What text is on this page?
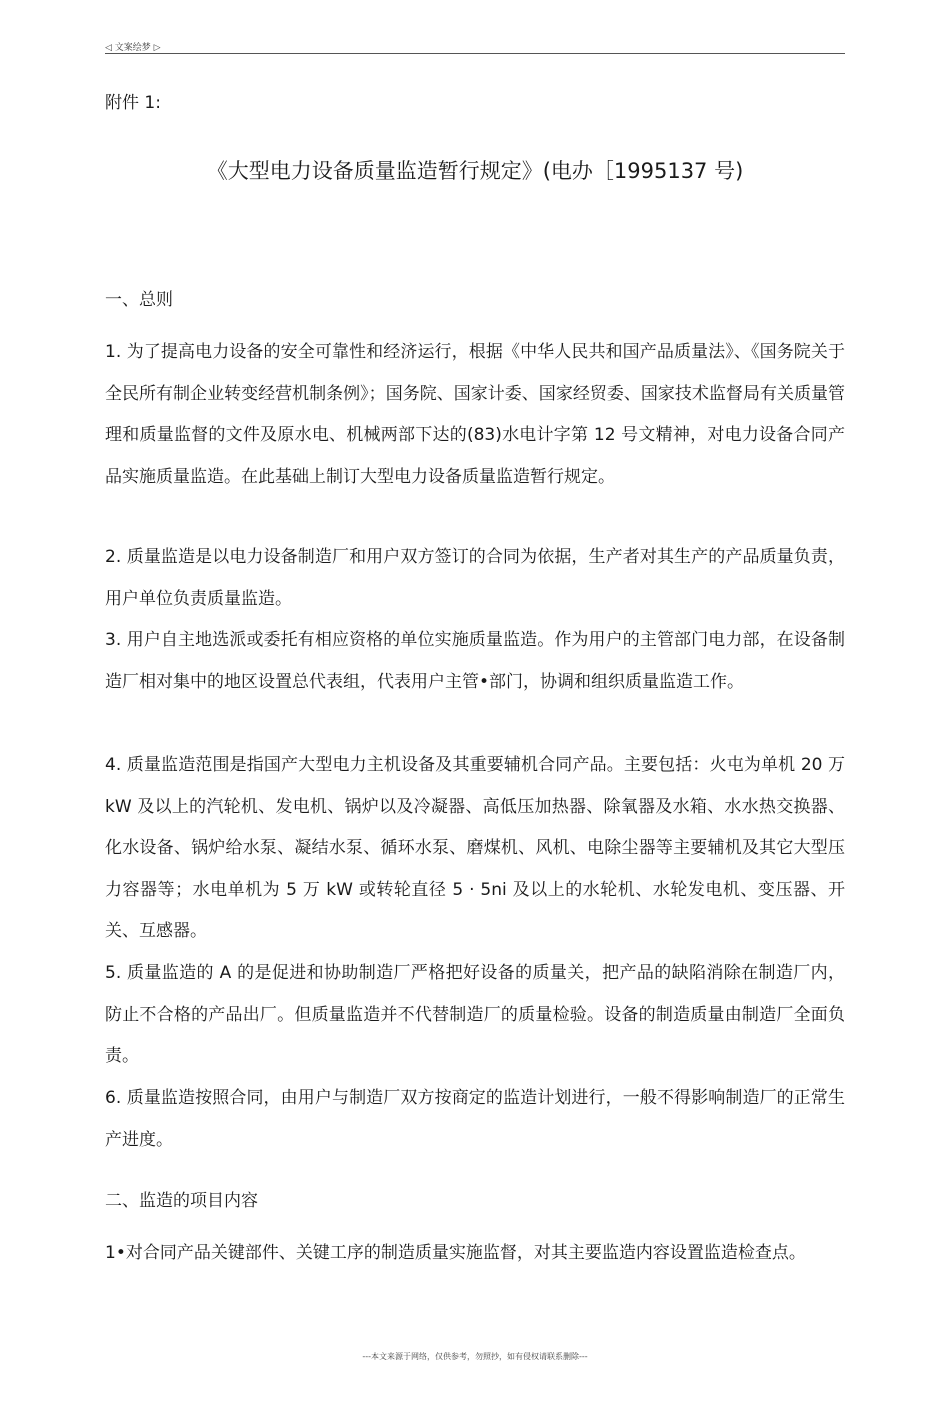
◁ 文案绘梦 ▷
附件 1:
《大型电力设备质量监造暂行规定》(电办［1995137 号)
一、总则
1. 为了提高电力设备的安全可靠性和经济运行，根据《中华人民共和国产品质量法》、《国务院关于全民所有制企业转变经营机制条例》；国务院、国家计委、国家经贸委、国家技术监督局有关质量管理和质量监督的文件及原水电、机械两部下达的(83)水电计字第 12 号文精神，对电力设备合同产品实施质量监造。在此基础上制订大型电力设备质量监造暂行规定。
2. 质量监造是以电力设备制造厂和用户双方签订的合同为依据，生产者对其生产的产品质量负责，用户单位负责质量监造。
3. 用户自主地选派或委托有相应资格的单位实施质量监造。作为用户的主管部门电力部，在设备制造厂相对集中的地区设置总代表组，代表用户主管•部门，协调和组织质量监造工作。
4. 质量监造范围是指国产大型电力主机设备及其重要辅机合同产品。主要包括：火屯为单机 20 万 kW 及以上的汽轮机、发电机、锅炉以及冷凝器、高低压加热器、除氧器及水箱、水水热交换器、化水设备、锅炉给水泵、凝结水泵、循环水泵、磨煤机、风机、电除尘器等主要辅机及其它大型压力容器等；水电单机为 5 万 kW 或转轮直径 5 · 5ni 及以上的水轮机、水轮发电机、变压器、开关、互感器。
5. 质量监造的 A 的是促进和协助制造厂严格把好设备的质量关，把产品的缺陷消除在制造厂内，防止不合格的产品出厂。但质量监造并不代替制造厂的质量检验。设备的制造质量由制造厂全面负责。
6. 质量监造按照合同，由用户与制造厂双方按商定的监造计划进行，一般不得影响制造厂的正常生产进度。
二、监造的项目内容
1•对合同产品关键部件、关键工序的制造质量实施监督，对其主要监造内容设置监造检查点。
---本文来源于网络，仅供参考，勿照抄，如有侵权请联系删除---
